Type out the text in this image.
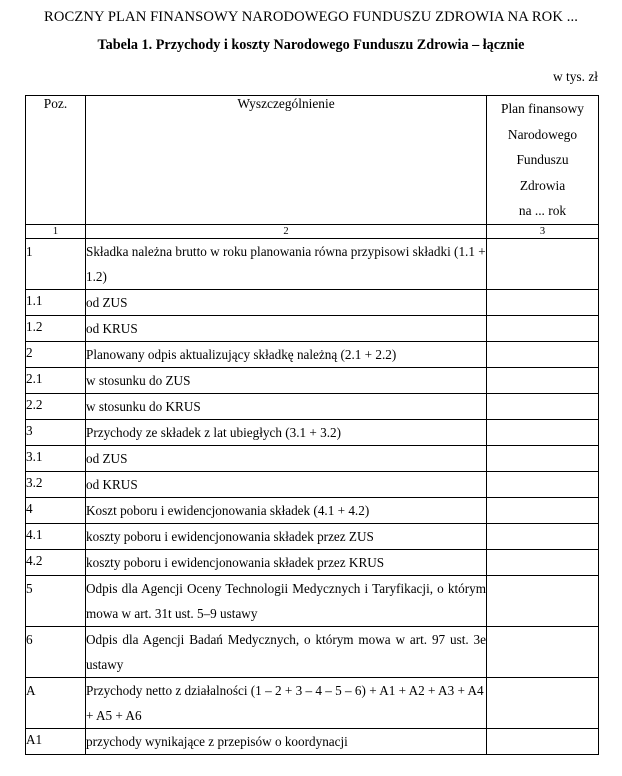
ROCZNY PLAN FINANSOWY NARODOWEGO FUNDUSZU ZDROWIA NA ROK ...
Tabela 1. Przychody i koszty Narodowego Funduszu Zdrowia – łącznie

w tys. zł

Poz.	Wyszczególnienie	Plan finansowy
Narodowego
Funduszu
Zdrowia
na ... rok

1	2	3
1	Składka należna brutto w roku planowania równa przypisowi składki (1.1 + 1.2)	
1.1	od ZUS	
1.2	od KRUS	
2	Planowany odpis aktualizujący składkę należną (2.1 + 2.2)	
2.1	w stosunku do ZUS	
2.2	w stosunku do KRUS	
3	Przychody ze składek z lat ubiegłych (3.1 + 3.2)	
3.1	od ZUS	
3.2	od KRUS	
4	Koszt poboru i ewidencjonowania składek (4.1 + 4.2)	
4.1	koszty poboru i ewidencjonowania składek przez ZUS	
4.2	koszty poboru i ewidencjonowania składek przez KRUS	
5	Odpis dla Agencji Oceny Technologii Medycznych i Taryfikacji, o którym mowa w art. 31t ust. 5–9 ustawy	
6	Odpis dla Agencji Badań Medycznych, o którym mowa w art. 97 ust. 3e ustawy	
A	Przychody netto z działalności (1 – 2 + 3 – 4 – 5 – 6) + A1 + A2 + A3 + A4 + A5 + A6	
A1	przychody wynikające z przepisów o koordynacji	
